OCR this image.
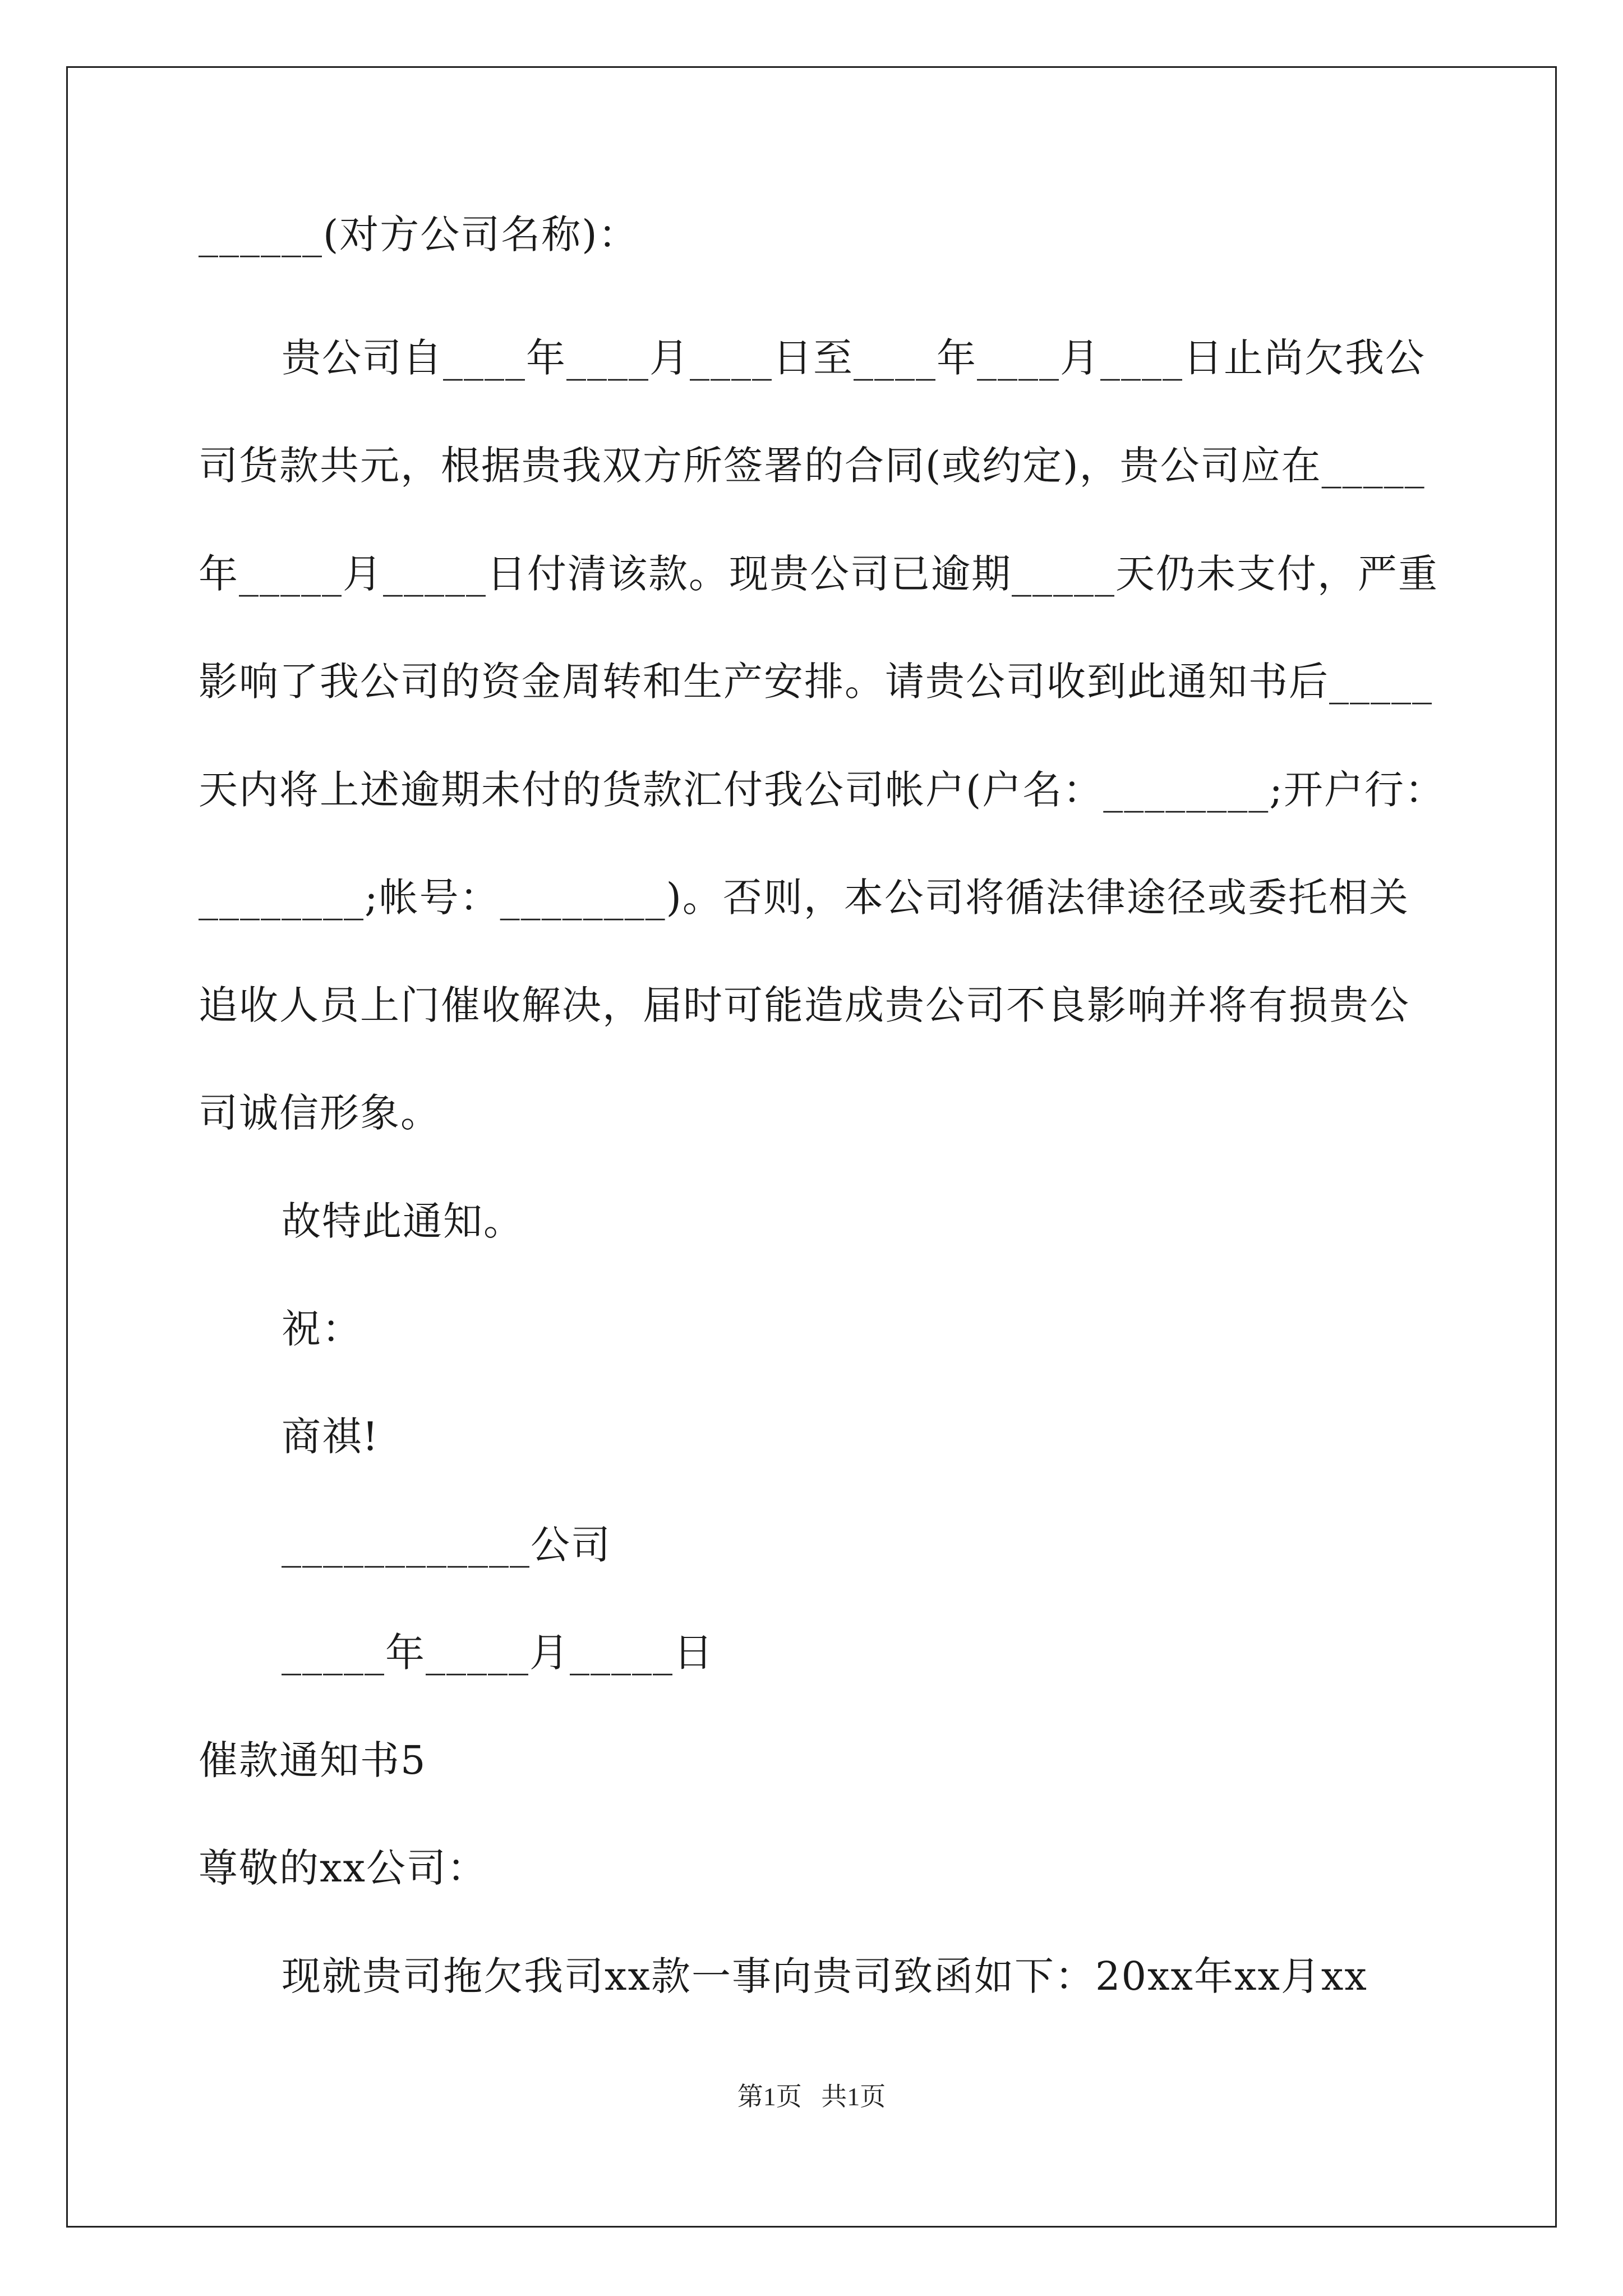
______(对方公司名称)：
贵公司自____年____月____日至____年____月____日止尚欠我公
司货款共元，根据贵我双方所签署的合同(或约定)，贵公司应在_____
年_____月_____日付清该款。现贵公司已逾期_____天仍未支付，严重
影响了我公司的资金周转和生产安排。请贵公司收到此通知书后_____
天内将上述逾期未付的货款汇付我公司帐户(户名：________;开户行：
________;帐号：________)。否则，本公司将循法律途径或委托相关
追收人员上门催收解决，届时可能造成贵公司不良影响并将有损贵公
司诚信形象。
故特此通知。
祝：
商祺!
____________公司
_____年_____月_____日
催款通知书5
尊敬的xx公司：
现就贵司拖欠我司xx款一事向贵司致函如下：20xx年xx月xx
第1页   共1页
